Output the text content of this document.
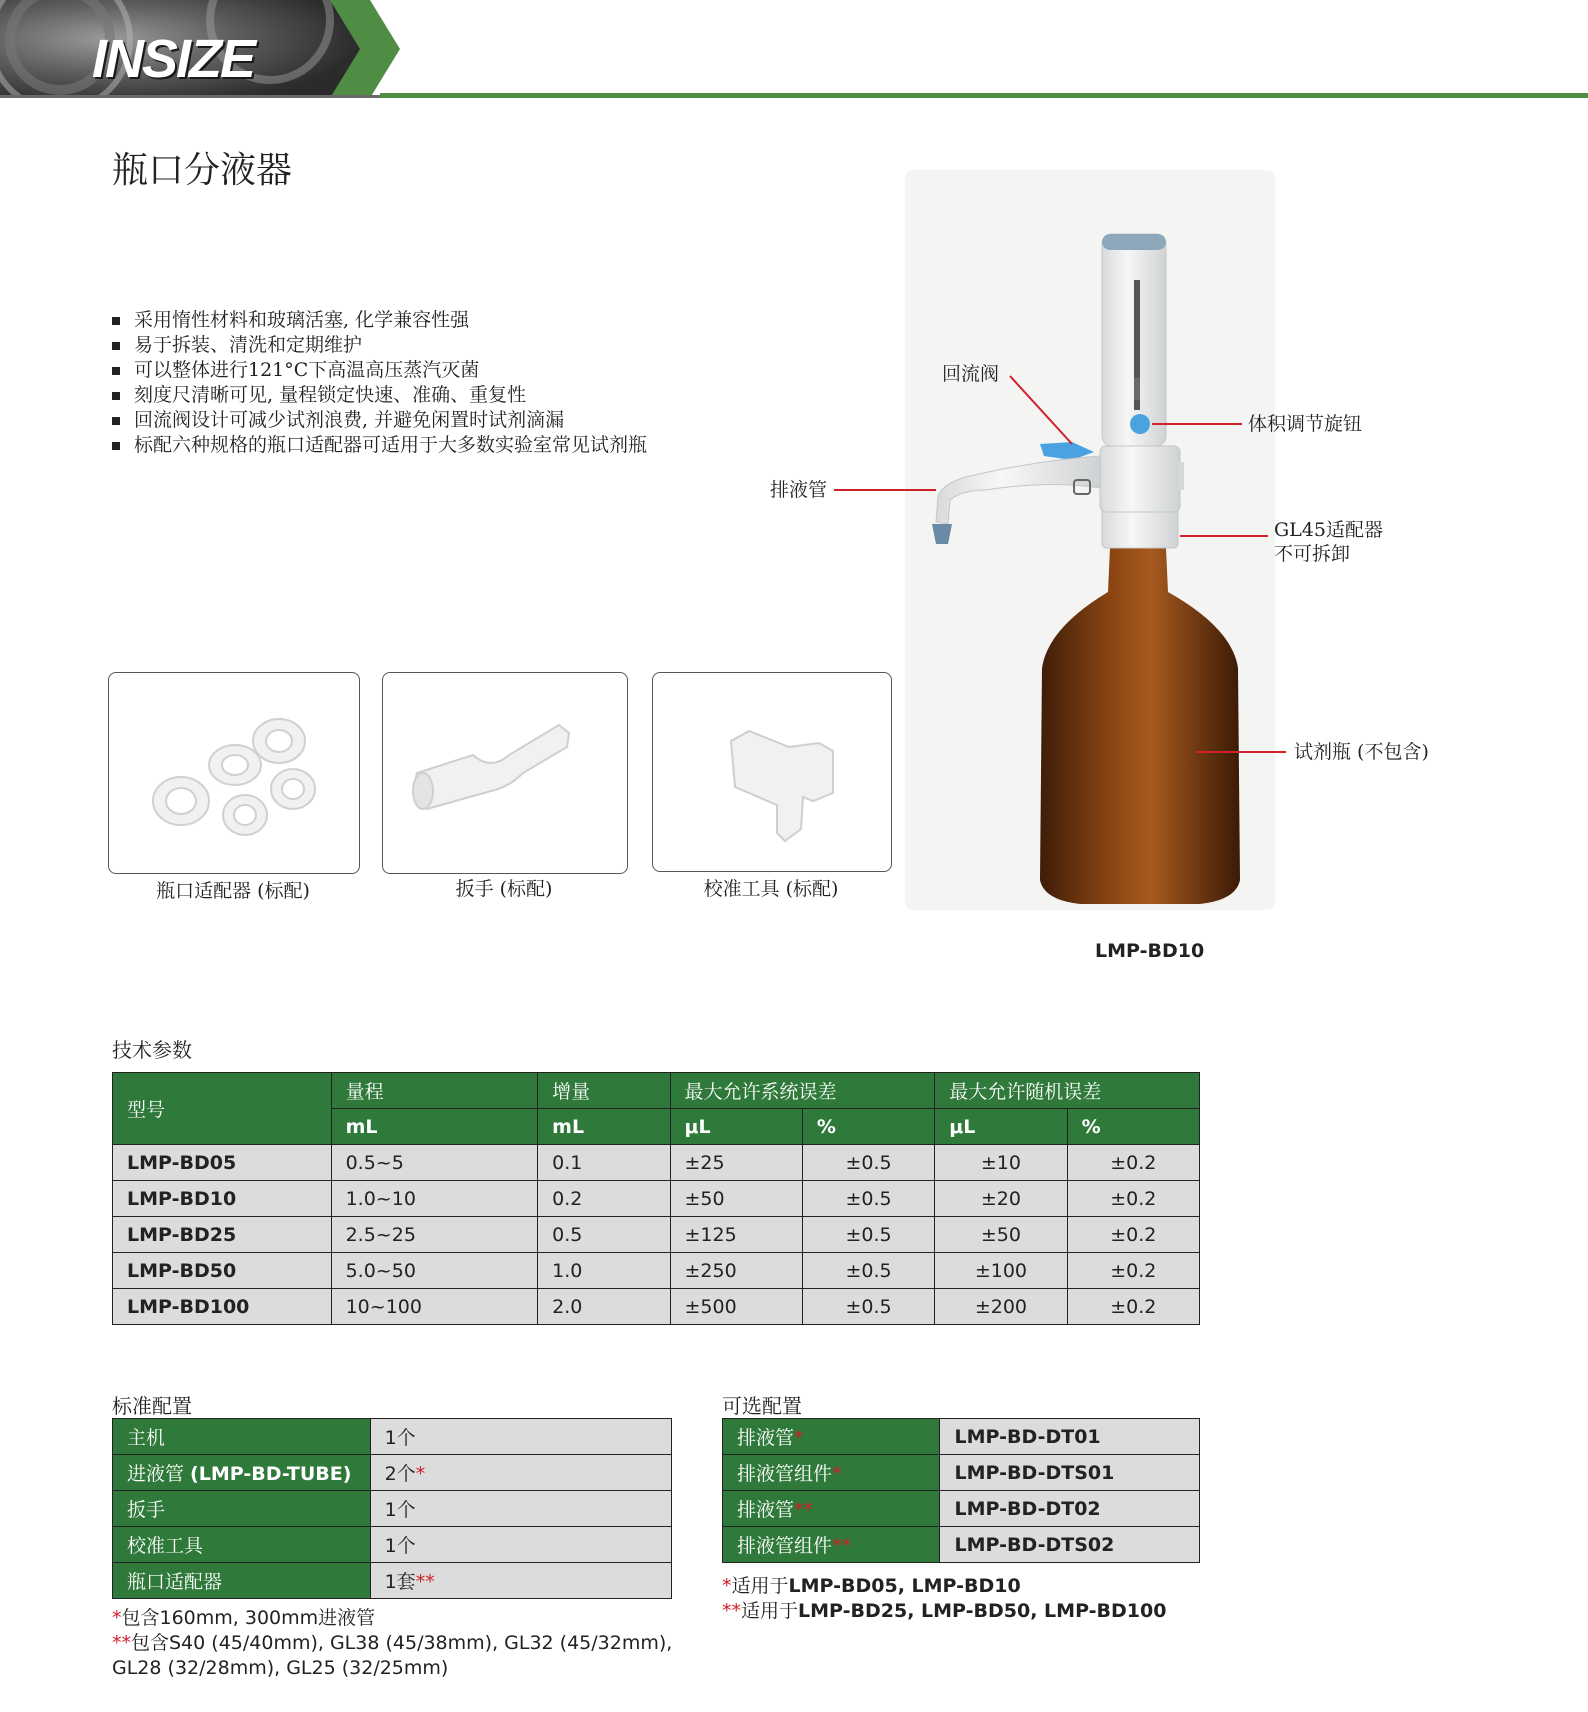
INSIZE
瓶口分液器
采用惰性材料和玻璃活塞, 化学兼容性强
易于拆装、清洗和定期维护
可以整体进行121°C下高温高压蒸汽灭菌
刻度尺清晰可见, 量程锁定快速、准确、重复性
回流阀设计可减少试剂浪费, 并避免闲置时试剂滴漏
标配六种规格的瓶口适配器可适用于大多数实验室常见试剂瓶
瓶口适配器 (标配)	扳手 (标配)	校准工具 (标配)
回流阀
体积调节旋钮
排液管
GL45适配器
不可拆卸
试剂瓶 (不包含)
LMP-BD10
技术参数
型号	量程	增量	最大允许系统误差		最大允许随机误差	
	mL	mL	μL	%	μL	%
LMP-BD05	0.5~5	0.1	±25	±0.5	±10	±0.2
LMP-BD10	1.0~10	0.2	±50	±0.5	±20	±0.2
LMP-BD25	2.5~25	0.5	±125	±0.5	±50	±0.2
LMP-BD50	5.0~50	1.0	±250	±0.5	±100	±0.2
LMP-BD100	10~100	2.0	±500	±0.5	±200	±0.2
标准配置
主机	1个
进液管 (LMP-BD-TUBE)	2个*
扳手	1个
校准工具	1个
瓶口适配器	1套**
*包含160mm, 300mm进液管
**包含S40 (45/40mm), GL38 (45/38mm), GL32 (45/32mm),
GL28 (32/28mm), GL25 (32/25mm)
可选配置
排液管*	LMP-BD-DT01
排液管组件*	LMP-BD-DTS01
排液管**	LMP-BD-DT02
排液管组件**	LMP-BD-DTS02
*适用于LMP-BD05, LMP-BD10
**适用于LMP-BD25, LMP-BD50, LMP-BD100
